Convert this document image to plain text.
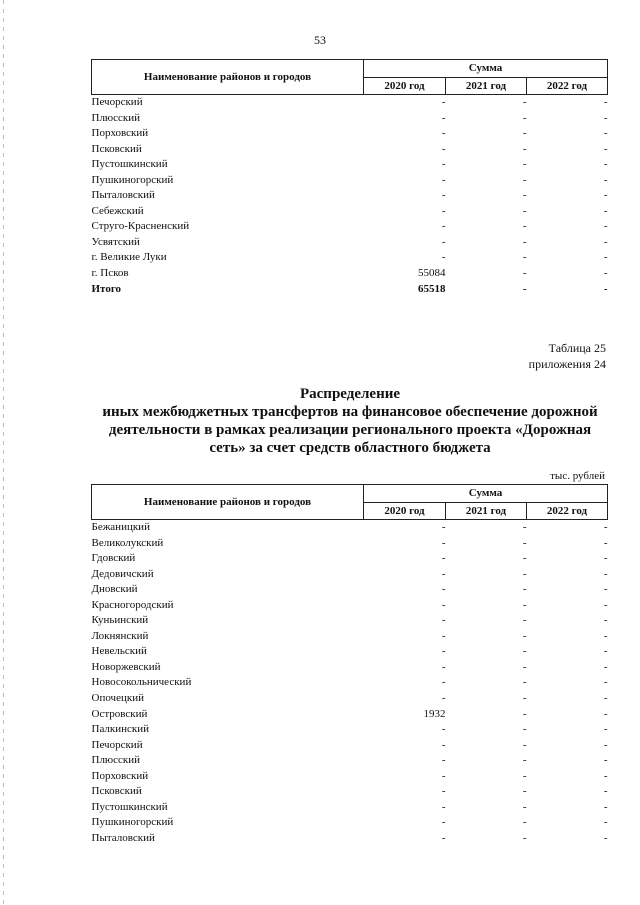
53
Наименование районов и городов	Сумма		
	2020 год	2021 год	2022 год
Печорский	-	-	-
Плюсский	-	-	-
Порховский	-	-	-
Псковский	-	-	-
Пустошкинский	-	-	-
Пушкиногорский	-	-	-
Пыталовский	-	-	-
Себежский	-	-	-
Струго-Красненский	-	-	-
Усвятский	-	-	-
г. Великие Луки	-	-	-
г. Псков	55084	-	-
Итого	65518	-	-
Таблица 25
приложения 24
Распределение
иных межбюджетных трансфертов на финансовое обеспечение дорожной
деятельности в рамках реализации регионального проекта «Дорожная
сеть» за счет средств областного бюджета
тыс. рублей
Наименование районов и городов	Сумма		
	2020 год	2021 год	2022 год
Бежаницкий	-	-	-
Великолукский	-	-	-
Гдовский	-	-	-
Дедовичский	-	-	-
Дновский	-	-	-
Красногородский	-	-	-
Куньинский	-	-	-
Локнянский	-	-	-
Невельский	-	-	-
Новоржевский	-	-	-
Новосокольнический	-	-	-
Опочецкий	-	-	-
Островский	1932	-	-
Палкинский	-	-	-
Печорский	-	-	-
Плюсский	-	-	-
Порховский	-	-	-
Псковский	-	-	-
Пустошкинский	-	-	-
Пушкиногорский	-	-	-
Пыталовский	-	-	-
